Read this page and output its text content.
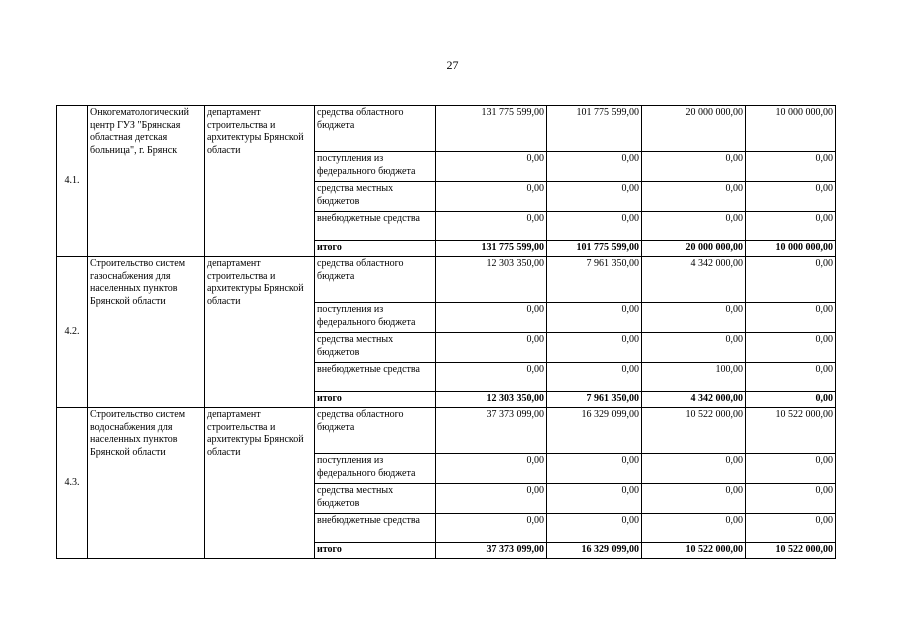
27
4.1.	Онкогематологический центр ГУЗ "Брянская областная детская больница", г. Брянск	департамент строительства и архитектуры Брянской области	средства областного бюджета	131 775 599,00	101 775 599,00	20 000 000,00	10 000 000,00
			поступления из федерального бюджета	0,00	0,00	0,00	0,00
			средства местных бюджетов	0,00	0,00	0,00	0,00
			внебюджетные средства	0,00	0,00	0,00	0,00
			итого	131 775 599,00	101 775 599,00	20 000 000,00	10 000 000,00
4.2.	Строительство систем газоснабжения для населенных пунктов Брянской области	департамент строительства и архитектуры Брянской области	средства областного бюджета	12 303 350,00	7 961 350,00	4 342 000,00	0,00
			поступления из федерального бюджета	0,00	0,00	0,00	0,00
			средства местных бюджетов	0,00	0,00	0,00	0,00
			внебюджетные средства	0,00	0,00	100,00	0,00
			итого	12 303 350,00	7 961 350,00	4 342 000,00	0,00
4.3.	Строительство систем водоснабжения для населенных пунктов Брянской области	департамент строительства и архитектуры Брянской области	средства областного бюджета	37 373 099,00	16 329 099,00	10 522 000,00	10 522 000,00
			поступления из федерального бюджета	0,00	0,00	0,00	0,00
			средства местных бюджетов	0,00	0,00	0,00	0,00
			внебюджетные средства	0,00	0,00	0,00	0,00
			итого	37 373 099,00	16 329 099,00	10 522 000,00	10 522 000,00
